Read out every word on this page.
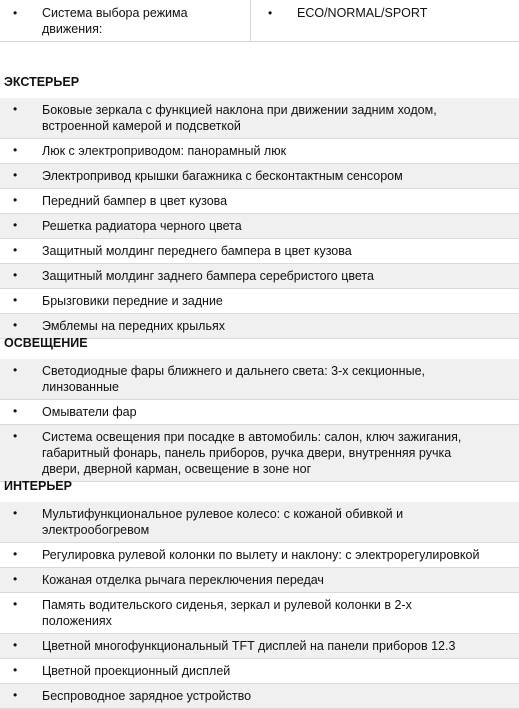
• Система выбора режима
движения:
• ECO/NORMAL/SPORT
ЭКСТЕРЬЕР
• Боковые зеркала с функцией наклона при движении задним ходом,
встроенной камерой и подсветкой
• Люк с электроприводом: панорамный люк
• Электропривод крышки багажника с бесконтактным сенсором
• Передний бампер в цвет кузова
• Решетка радиатора черного цвета
• Защитный молдинг переднего бампера в цвет кузова
• Защитный молдинг заднего бампера серебристого цвета
• Брызговики передние и задние
• Эмблемы на передних крыльях
ОСВЕЩЕНИЕ
• Светодиодные фары ближнего и дальнего света: 3-х секционные,
линзованные
• Омыватели фар
• Система освещения при посадке в автомобиль: салон, ключ зажигания,
габаритный фонарь, панель приборов, ручка двери, внутренняя ручка
двери, дверной карман, освещение в зоне ног
ИНТЕРЬЕР
• Мультифункциональное рулевое колесо: с кожаной обивкой и
электрообогревом
• Регулировка рулевой колонки по вылету и наклону: с электрорегулировкой
• Кожаная отделка рычага переключения передач
• Память водительского сиденья, зеркал и рулевой колонки в 2-х
положениях
• Цветной многофункциональный TFT дисплей на панели приборов 12.3
• Цветной проекционный дисплей
• Беспроводное зарядное устройство
